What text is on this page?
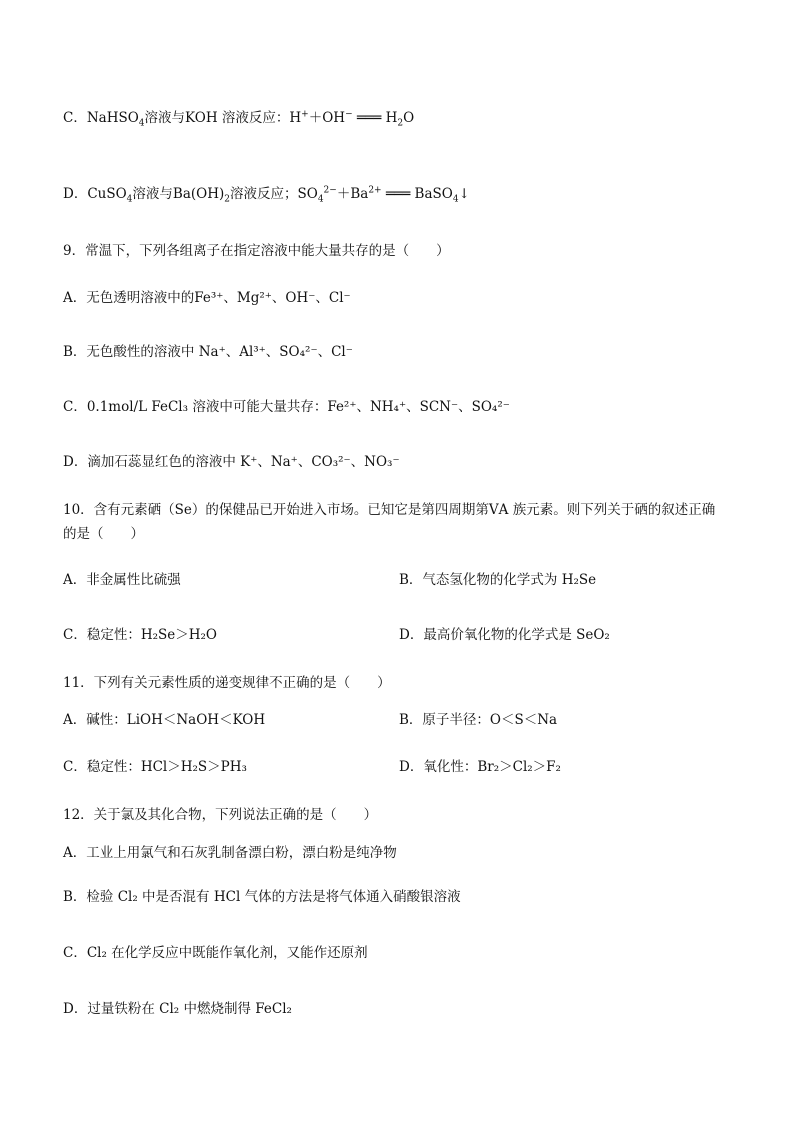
C．NaHSO$_4$溶液与KOH 溶液反应：H+＋OH− ═══ $H_2O$
D．CuSO$_4$溶液与$Ba(OH)_2$溶液反应；$SO_4^{2-}+Ba^{2+}$ ═══ BaSO$_4$↓
9．常温下，下列各组离子在指定溶液中能大量共存的是（　　）
A．无色透明溶液中的Fe³⁺、Mg²⁺、OH⁻、Cl⁻
B．无色酸性的溶液中 Na⁺、Al³⁺、SO₄²⁻、Cl⁻
C．0.1mol/L FeCl₃ 溶液中可能大量共存：Fe²⁺、NH₄⁺、SCN⁻、SO₄²⁻
D．滴加石蕊显红色的溶液中 K⁺、Na⁺、CO₃²⁻、NO₃⁻
10．含有元素硒（Se）的保健品已开始进入市场。已知它是第四周期第ⅤA 族元素。则下列关于硒的叙述正确
的是（　　）
A．非金属性比硫强	B．气态氢化物的化学式为 H₂Se
C．稳定性：H₂Se＞H₂O	D．最高价氧化物的化学式是 SeO₂
11．下列有关元素性质的递变规律不正确的是（　　）
A．碱性：LiOH＜NaOH＜KOH	B．原子半径：O＜S＜Na
C．稳定性：HCl＞H₂S＞PH₃	D．氧化性：Br₂＞Cl₂＞F₂
12．关于氯及其化合物，下列说法正确的是（　　）
A．工业上用氯气和石灰乳制备漂白粉，漂白粉是纯净物
B．检验 Cl₂ 中是否混有 HCl 气体的方法是将气体通入硝酸银溶液
C．Cl₂ 在化学反应中既能作氧化剂，又能作还原剂
D．过量铁粉在 Cl₂ 中燃烧制得 FeCl₂
